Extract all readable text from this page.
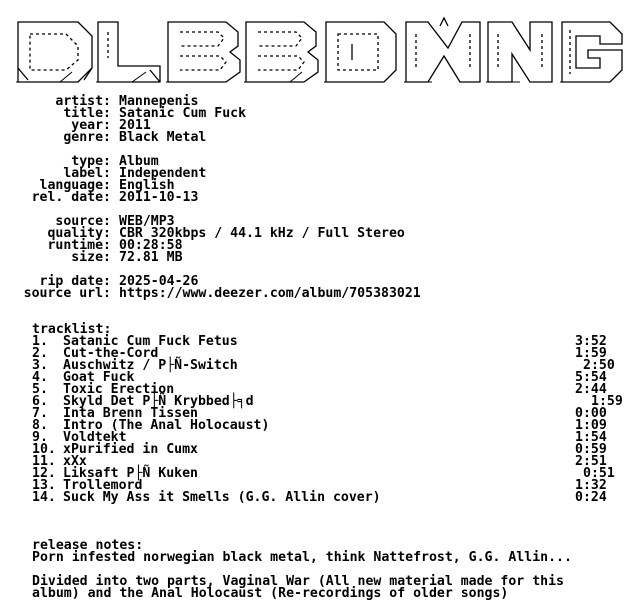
artist: Mannepenis
title: Satanic Cum Fuck
year: 2011
genre: Black Metal
type: Album
label: Independent
language: English
rel. date: 2011-10-13
source: WEB/MP3
quality: CBR 320kbps / 44.1 kHz / Full Stereo
runtime: 00:28:58
size: 72.81 MB
rip date: 2025-04-26
source url: https://www.deezer.com/album/705383021

tracklist:

1. Satanic Cum Fuck Fetus	3:52
2. Cut-the-Cord	1:59
3. Auschwitz / P├Ñ-Switch	2:50
4. Goat Fuck	5:54
5. Toxic Erection	2:44
6. Skyld Det P├Ñ Krybbed├╕d	1:59
7. Inta Brenn Tissen	0:00
8. Intro (The Anal Holocaust)	1:09
9. Voldtekt	1:54
10. xPurified in Cumx	0:59
11. xXx	2:51
12. Liksaft P├Ñ Kuken	0:51
13. Trollemord	1:32
14. Suck My Ass it Smells (G.G. Allin cover)	0:24

release notes:

Porn infested norwegian black metal, think Nattefrost, G.G. Allin...
Divided into two parts, Vaginal War (All new material made for this
album) and the Anal Holocaust (Re-recordings of older songs)
